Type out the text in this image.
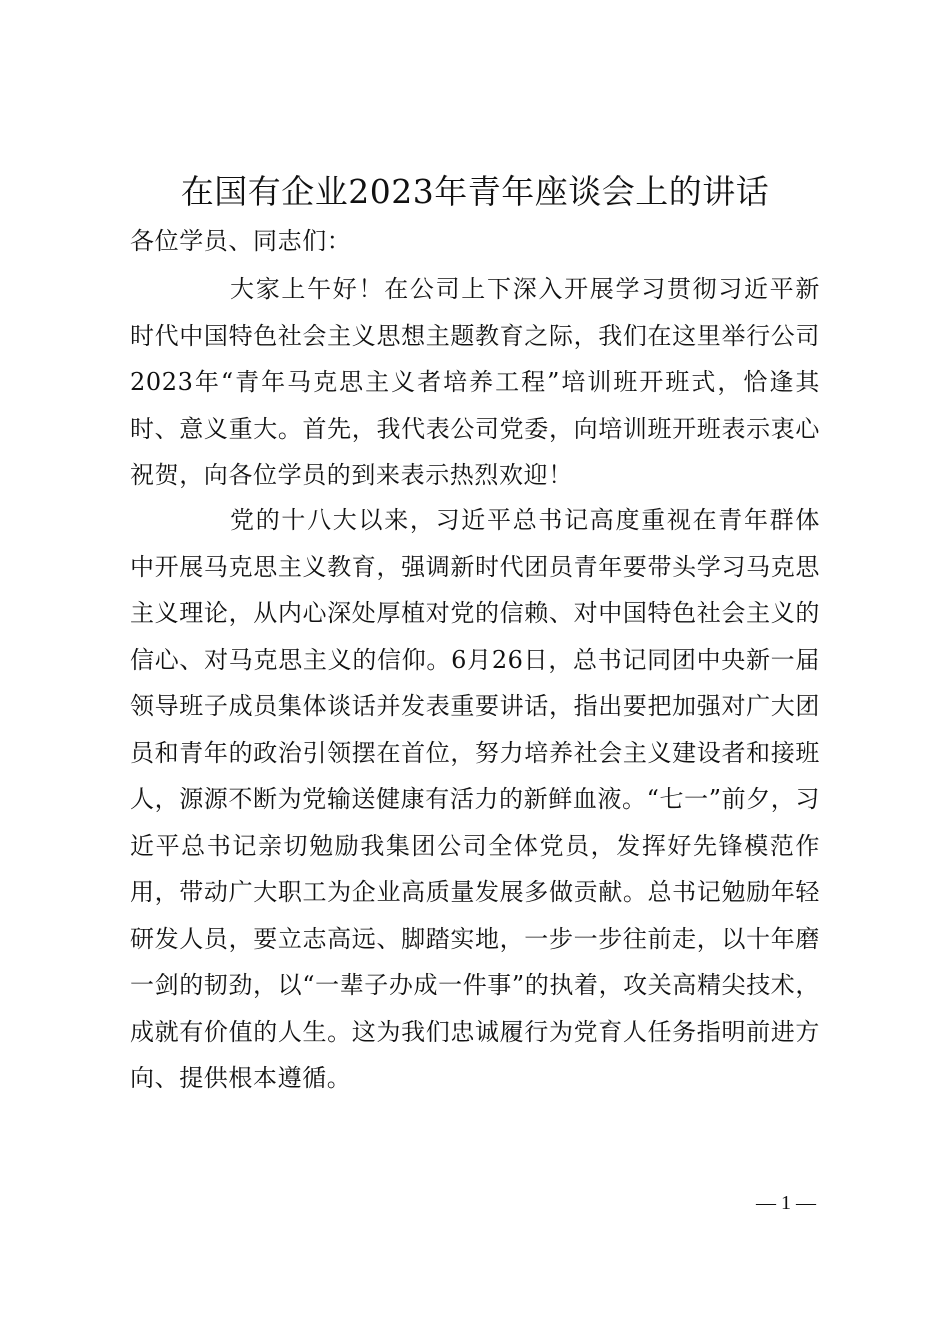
在国有企业2023年青年座谈会上的讲话
各位学员、同志们：

大家上午好！在公司上下深入开展学习贯彻习近平新时代中国特色社会主义思想主题教育之际，我们在这里举行公司2023年“青年马克思主义者培养工程”培训班开班式，恰逢其时、意义重大。首先，我代表公司党委，向培训班开班表示衷心祝贺，向各位学员的到来表示热烈欢迎！

党的十八大以来，习近平总书记高度重视在青年群体中开展马克思主义教育，强调新时代团员青年要带头学习马克思主义理论，从内心深处厚植对党的信赖、对中国特色社会主义的信心、对马克思主义的信仰。6月26日，总书记同团中央新一届领导班子成员集体谈话并发表重要讲话，指出要把加强对广大团员和青年的政治引领摆在首位，努力培养社会主义建设者和接班人，源源不断为党输送健康有活力的新鲜血液。“七一”前夕，习近平总书记亲切勉励我集团公司全体党员，发挥好先锋模范作用，带动广大职工为企业高质量发展多做贡献。总书记勉励年轻研发人员，要立志高远、脚踏实地，一步一步往前走，以十年磨一剑的韧劲，以“一辈子办成一件事”的执着，攻关高精尖技术，成就有价值的人生。这为我们忠诚履行为党育人任务指明前进方向、提供根本遵循。

— 1 —
